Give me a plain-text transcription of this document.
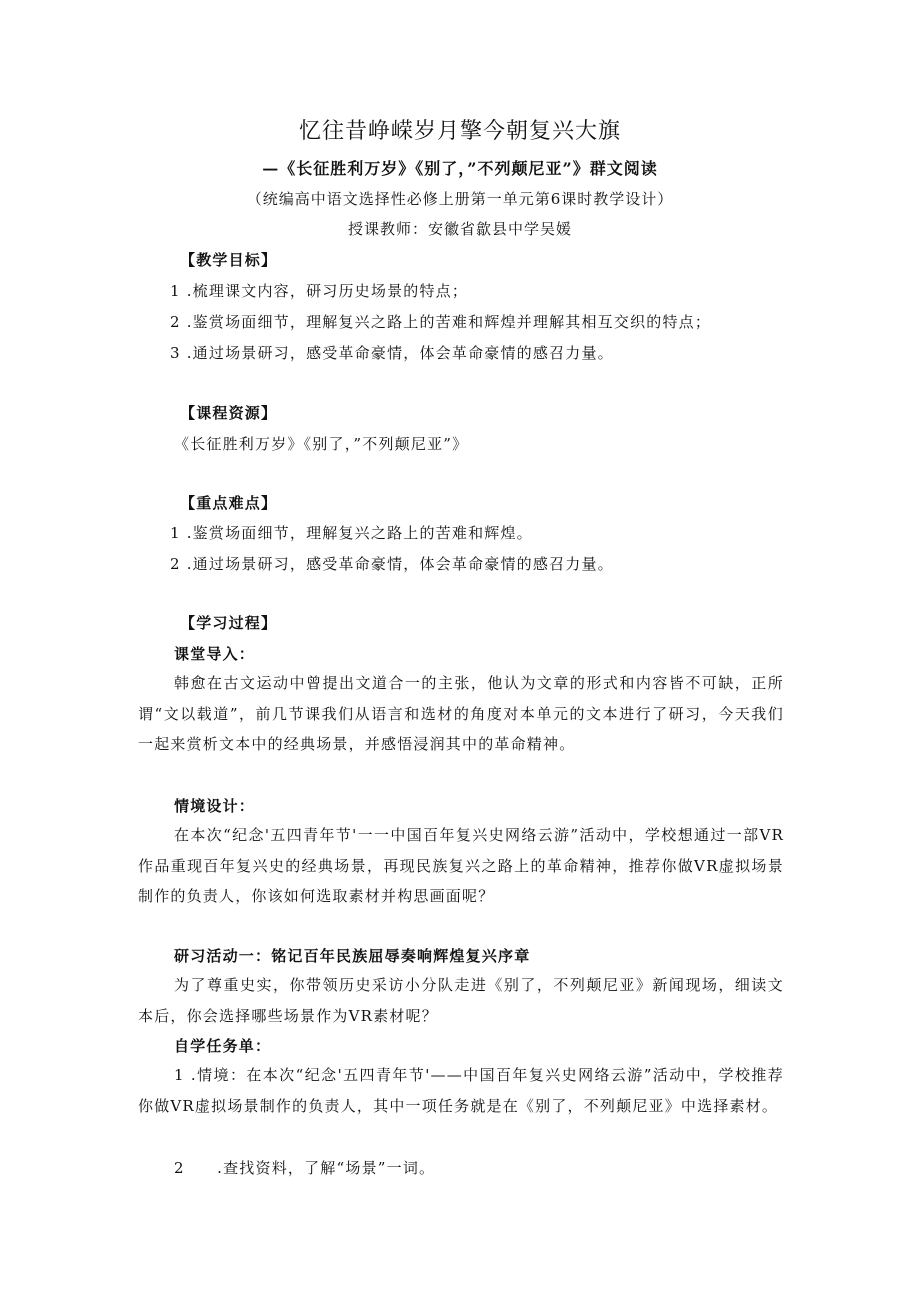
忆往昔峥嵘岁月擎今朝复兴大旗
—《长征胜利万岁》《别了，”不列颠尼亚”》群文阅读
（统编高中语文选择性必修上册第一单元第6课时教学设计）
授课教师：安徽省歙县中学吴媛
【教学目标】
1 .梳理课文内容，研习历史场景的特点；
2 .鉴赏场面细节，理解复兴之路上的苦难和辉煌并理解其相互交织的特点；
3 .通过场景研习，感受革命豪情，体会革命豪情的感召力量。
【课程资源】
《长征胜利万岁》《别了，”不列颠尼亚”》
【重点难点】
1 .鉴赏场面细节，理解复兴之路上的苦难和辉煌。
2 .通过场景研习，感受革命豪情，体会革命豪情的感召力量。
【学习过程】
课堂导入：
韩愈在古文运动中曾提出文道合一的主张，他认为文章的形式和内容皆不可缺，正所谓“文以载道”，前几节课我们从语言和选材的角度对本单元的文本进行了研习，今天我们一起来赏析文本中的经典场景，并感悟浸润其中的革命精神。
情境设计：
在本次“纪念'五四青年节'一一中国百年复兴史网络云游”活动中，学校想通过一部VR作品重现百年复兴史的经典场景，再现民族复兴之路上的革命精神，推荐你做VR虚拟场景制作的负责人，你该如何选取素材并构思画面呢？
研习活动一：铭记百年民族屈辱奏响辉煌复兴序章
为了尊重史实，你带领历史采访小分队走进《别了，不列颠尼亚》新闻现场，细读文本后，你会选择哪些场景作为VR素材呢？
自学任务单：
1 .情境：在本次“纪念'五四青年节'——中国百年复兴史网络云游”活动中，学校推荐你做VR虚拟场景制作的负责人，其中一项任务就是在《别了，不列颠尼亚》中选择素材。
2　　.查找资料，了解“场景”一词。
